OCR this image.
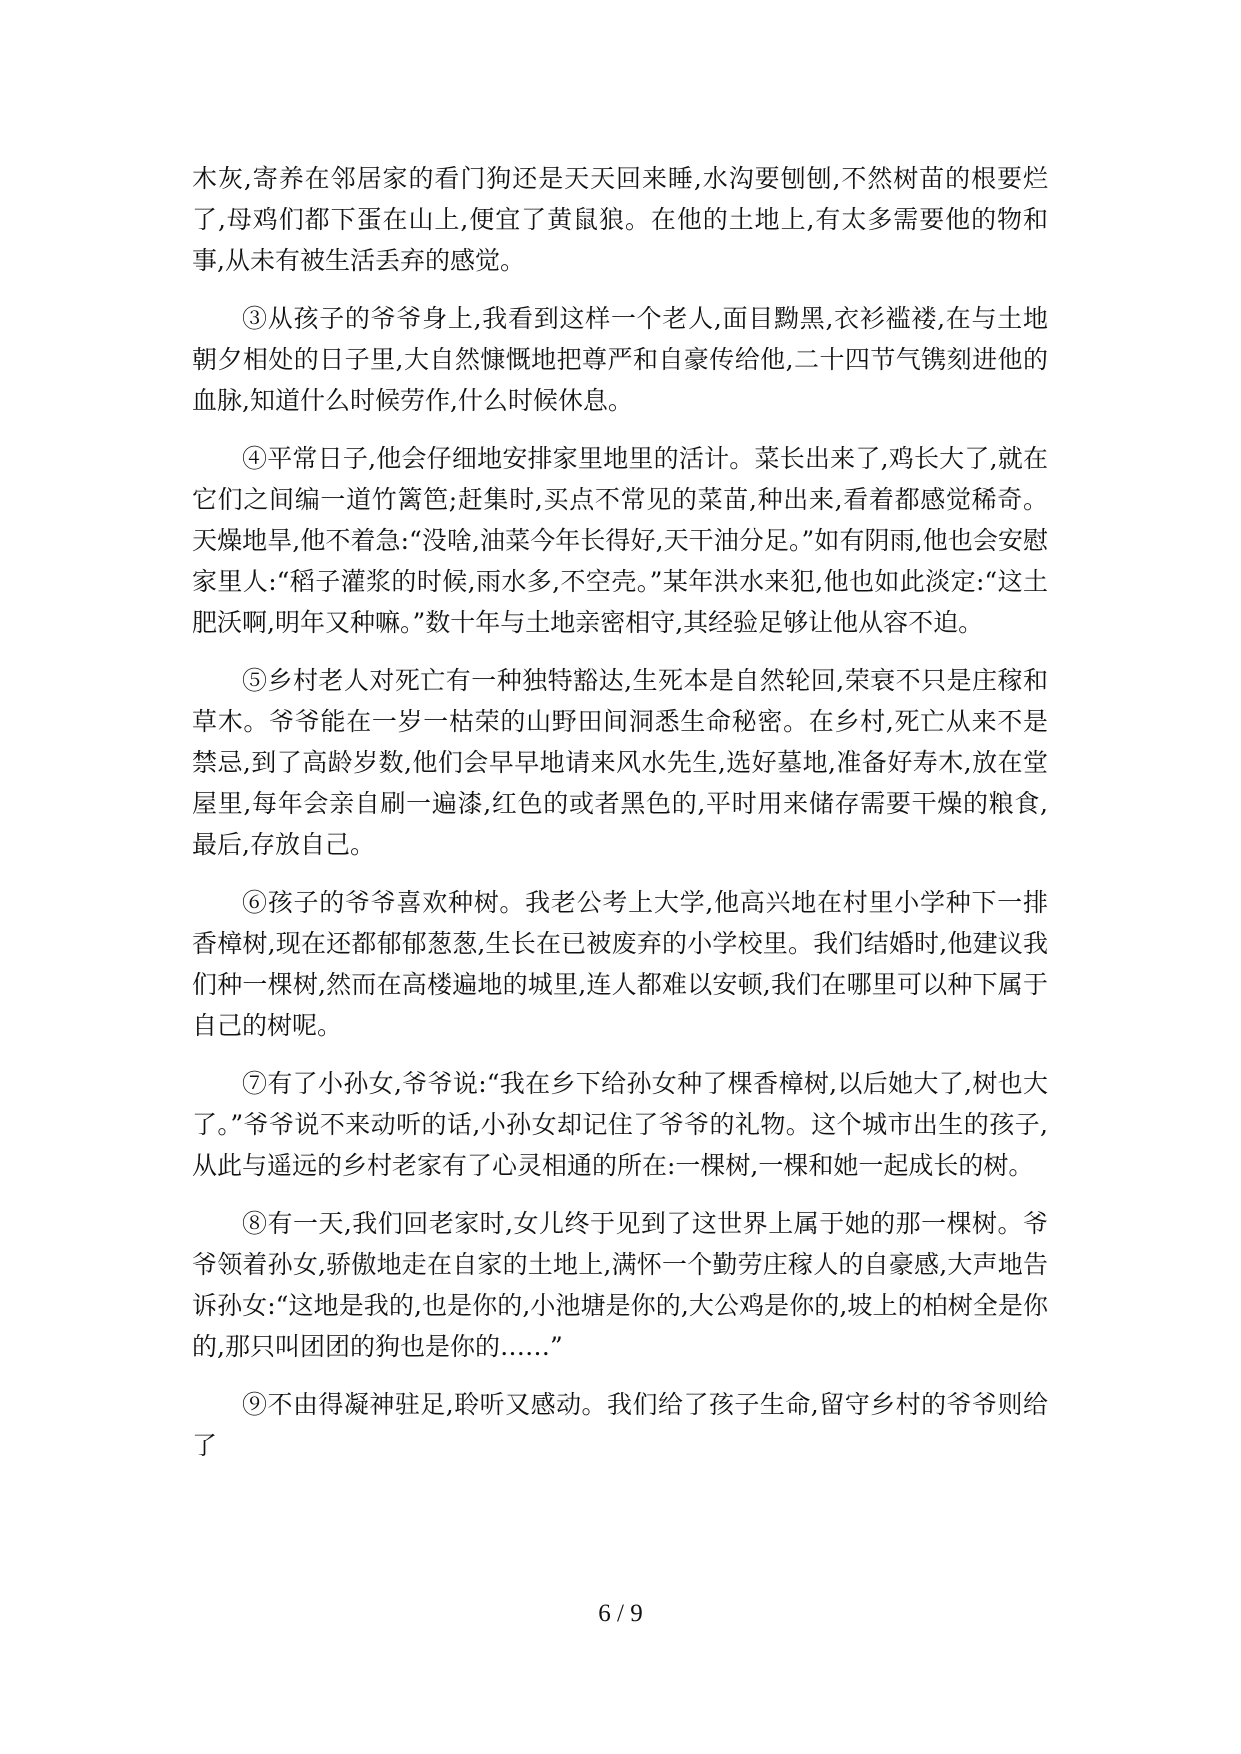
木灰,寄养在邻居家的看门狗还是天天回来睡,水沟要刨刨,不然树苗的根要烂了,母鸡们都下蛋在山上,便宜了黄鼠狼。在他的土地上,有太多需要他的物和事,从未有被生活丢弃的感觉。

③从孩子的爷爷身上,我看到这样一个老人,面目黝黑,衣衫褴褛,在与土地朝夕相处的日子里,大自然慷慨地把尊严和自豪传给他,二十四节气镌刻进他的血脉,知道什么时候劳作,什么时候休息。

④平常日子,他会仔细地安排家里地里的活计。菜长出来了,鸡长大了,就在它们之间编一道竹篱笆;赶集时,买点不常见的菜苗,种出来,看着都感觉稀奇。天燥地旱,他不着急:“没啥,油菜今年长得好,天干油分足。”如有阴雨,他也会安慰家里人:“稻子灌浆的时候,雨水多,不空壳。”某年洪水来犯,他也如此淡定:“这土肥沃啊,明年又种嘛。”数十年与土地亲密相守,其经验足够让他从容不迫。

⑤乡村老人对死亡有一种独特豁达,生死本是自然轮回,荣衰不只是庄稼和草木。爷爷能在一岁一枯荣的山野田间洞悉生命秘密。在乡村,死亡从来不是禁忌,到了高龄岁数,他们会早早地请来风水先生,选好墓地,准备好寿木,放在堂屋里,每年会亲自刷一遍漆,红色的或者黑色的,平时用来储存需要干燥的粮食,最后,存放自己。

⑥孩子的爷爷喜欢种树。我老公考上大学,他高兴地在村里小学种下一排香樟树,现在还都郁郁葱葱,生长在已被废弃的小学校里。我们结婚时,他建议我们种一棵树,然而在高楼遍地的城里,连人都难以安顿,我们在哪里可以种下属于自己的树呢。

⑦有了小孙女,爷爷说:“我在乡下给孙女种了棵香樟树,以后她大了,树也大了。”爷爷说不来动听的话,小孙女却记住了爷爷的礼物。这个城市出生的孩子,从此与遥远的乡村老家有了心灵相通的所在:一棵树,一棵和她一起成长的树。

⑧有一天,我们回老家时,女儿终于见到了这世界上属于她的那一棵树。爷爷领着孙女,骄傲地走在自家的土地上,满怀一个勤劳庄稼人的自豪感,大声地告诉孙女:“这地是我的,也是你的,小池塘是你的,大公鸡是你的,坡上的柏树全是你的,那只叫团团的狗也是你的……”

⑨不由得凝神驻足,聆听又感动。我们给了孩子生命,留守乡村的爷爷则给了

6 / 9
